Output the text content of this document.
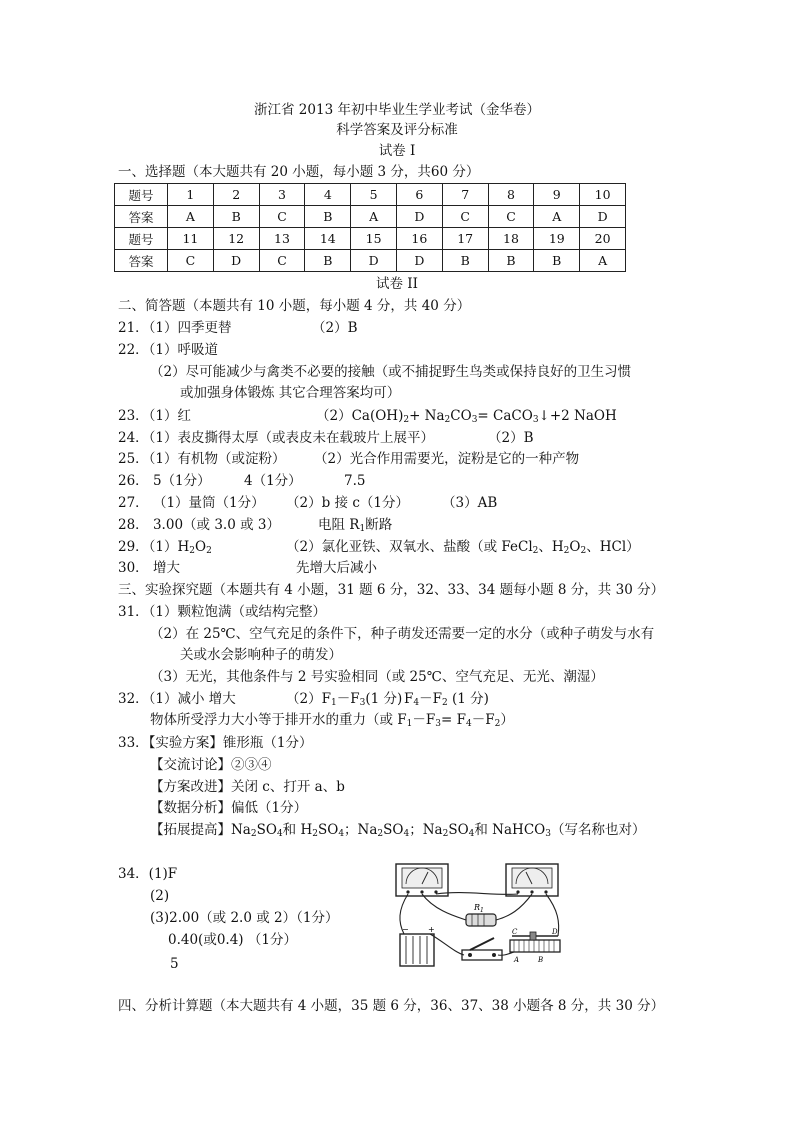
浙江省 2013 年初中毕业生学业考试（金华卷）
科学答案及评分标准
试卷 I
一、选择题（本大题共有 20 小题，每小题 3 分，共60 分）
题号	1	2	3	4	5	6	7	8	9	10
答案	A	B	C	B	A	D	C	C	A	D
题号	11	12	13	14	15	16	17	18	19	20
答案	C	D	C	B	D	D	B	B	B	A
试卷 II
二、简答题（本题共有 10 小题，每小题 4 分，共 40 分）
21．（1）四季更替	（2）B
22．（1）呼吸道
（2）尽可能减少与禽类不必要的接触（或不捕捉野生鸟类或保持良好的卫生习惯
或加强身体锻炼 其它合理答案均可）
23．（1）红	$(2)Ca(OH)_2+ Na_2CO_3=$ CaCO$_3$↓+2 NaOH
24．（1）表皮撕得太厚（或表皮未在载玻片上展平）	（2）B
25．（1）有机物（或淀粉） （2）光合作用需要光，淀粉是它的一种产物
26． 5（1分） 4（1分）	7.5
27． （1）量筒（1分） （2）b 接 c（1分） （3）AB
28． 3.00（或 3.0 或 3）	电阻 $R_1$断路
29．$(1)H_2O_2$	（2）氯化亚铁、双氧水、盐酸（或 FeCl$_2$、$H_2O_2$、HCl）
30． 增大	先增大后减小
三、实验探究题（本题共有 4 小题，31 题 6 分，32、33、34 题每小题 8 分，共 30 分）
31．（1）颗粒饱满（或结构完整）
（2）在 25℃、空气充足的条件下，种子萌发还需要一定的水分（或种子萌发与水有
关或水会影响种子的萌发）
（3）无光，其他条件与 2 号实验相同（或 25℃、空气充足、无光、潮湿）
32．（1）减小 增大	$(2)F_1-F_3(1$ 分) $F_4-F_2$ (1 分)
物体所受浮力大小等于排开水的重力（或 $F_1-F_3= F_4-F_2$）
33．【实验方案】锥形瓶（1分）
【交流讨论】②③④
【方案改进】关闭 c、打开 a、b
【数据分析】偏低（1分）
【拓展提高】$Na_2SO_4$和 $H_2SO_4$；$Na_2SO_4$；$Na_2SO_4$和 NaHCO$_3$（写名称也对）
34．(1)F
(2)
(3)2.00（或 2.0 或 2）（1分）
0.40(或0.4) （1分）
5
$R_1$
− +	C	D
A	B
四、分析计算题（本大题共有 4 小题，35 题 6 分，36、37、38 小题各 8 分，共 30 分）
